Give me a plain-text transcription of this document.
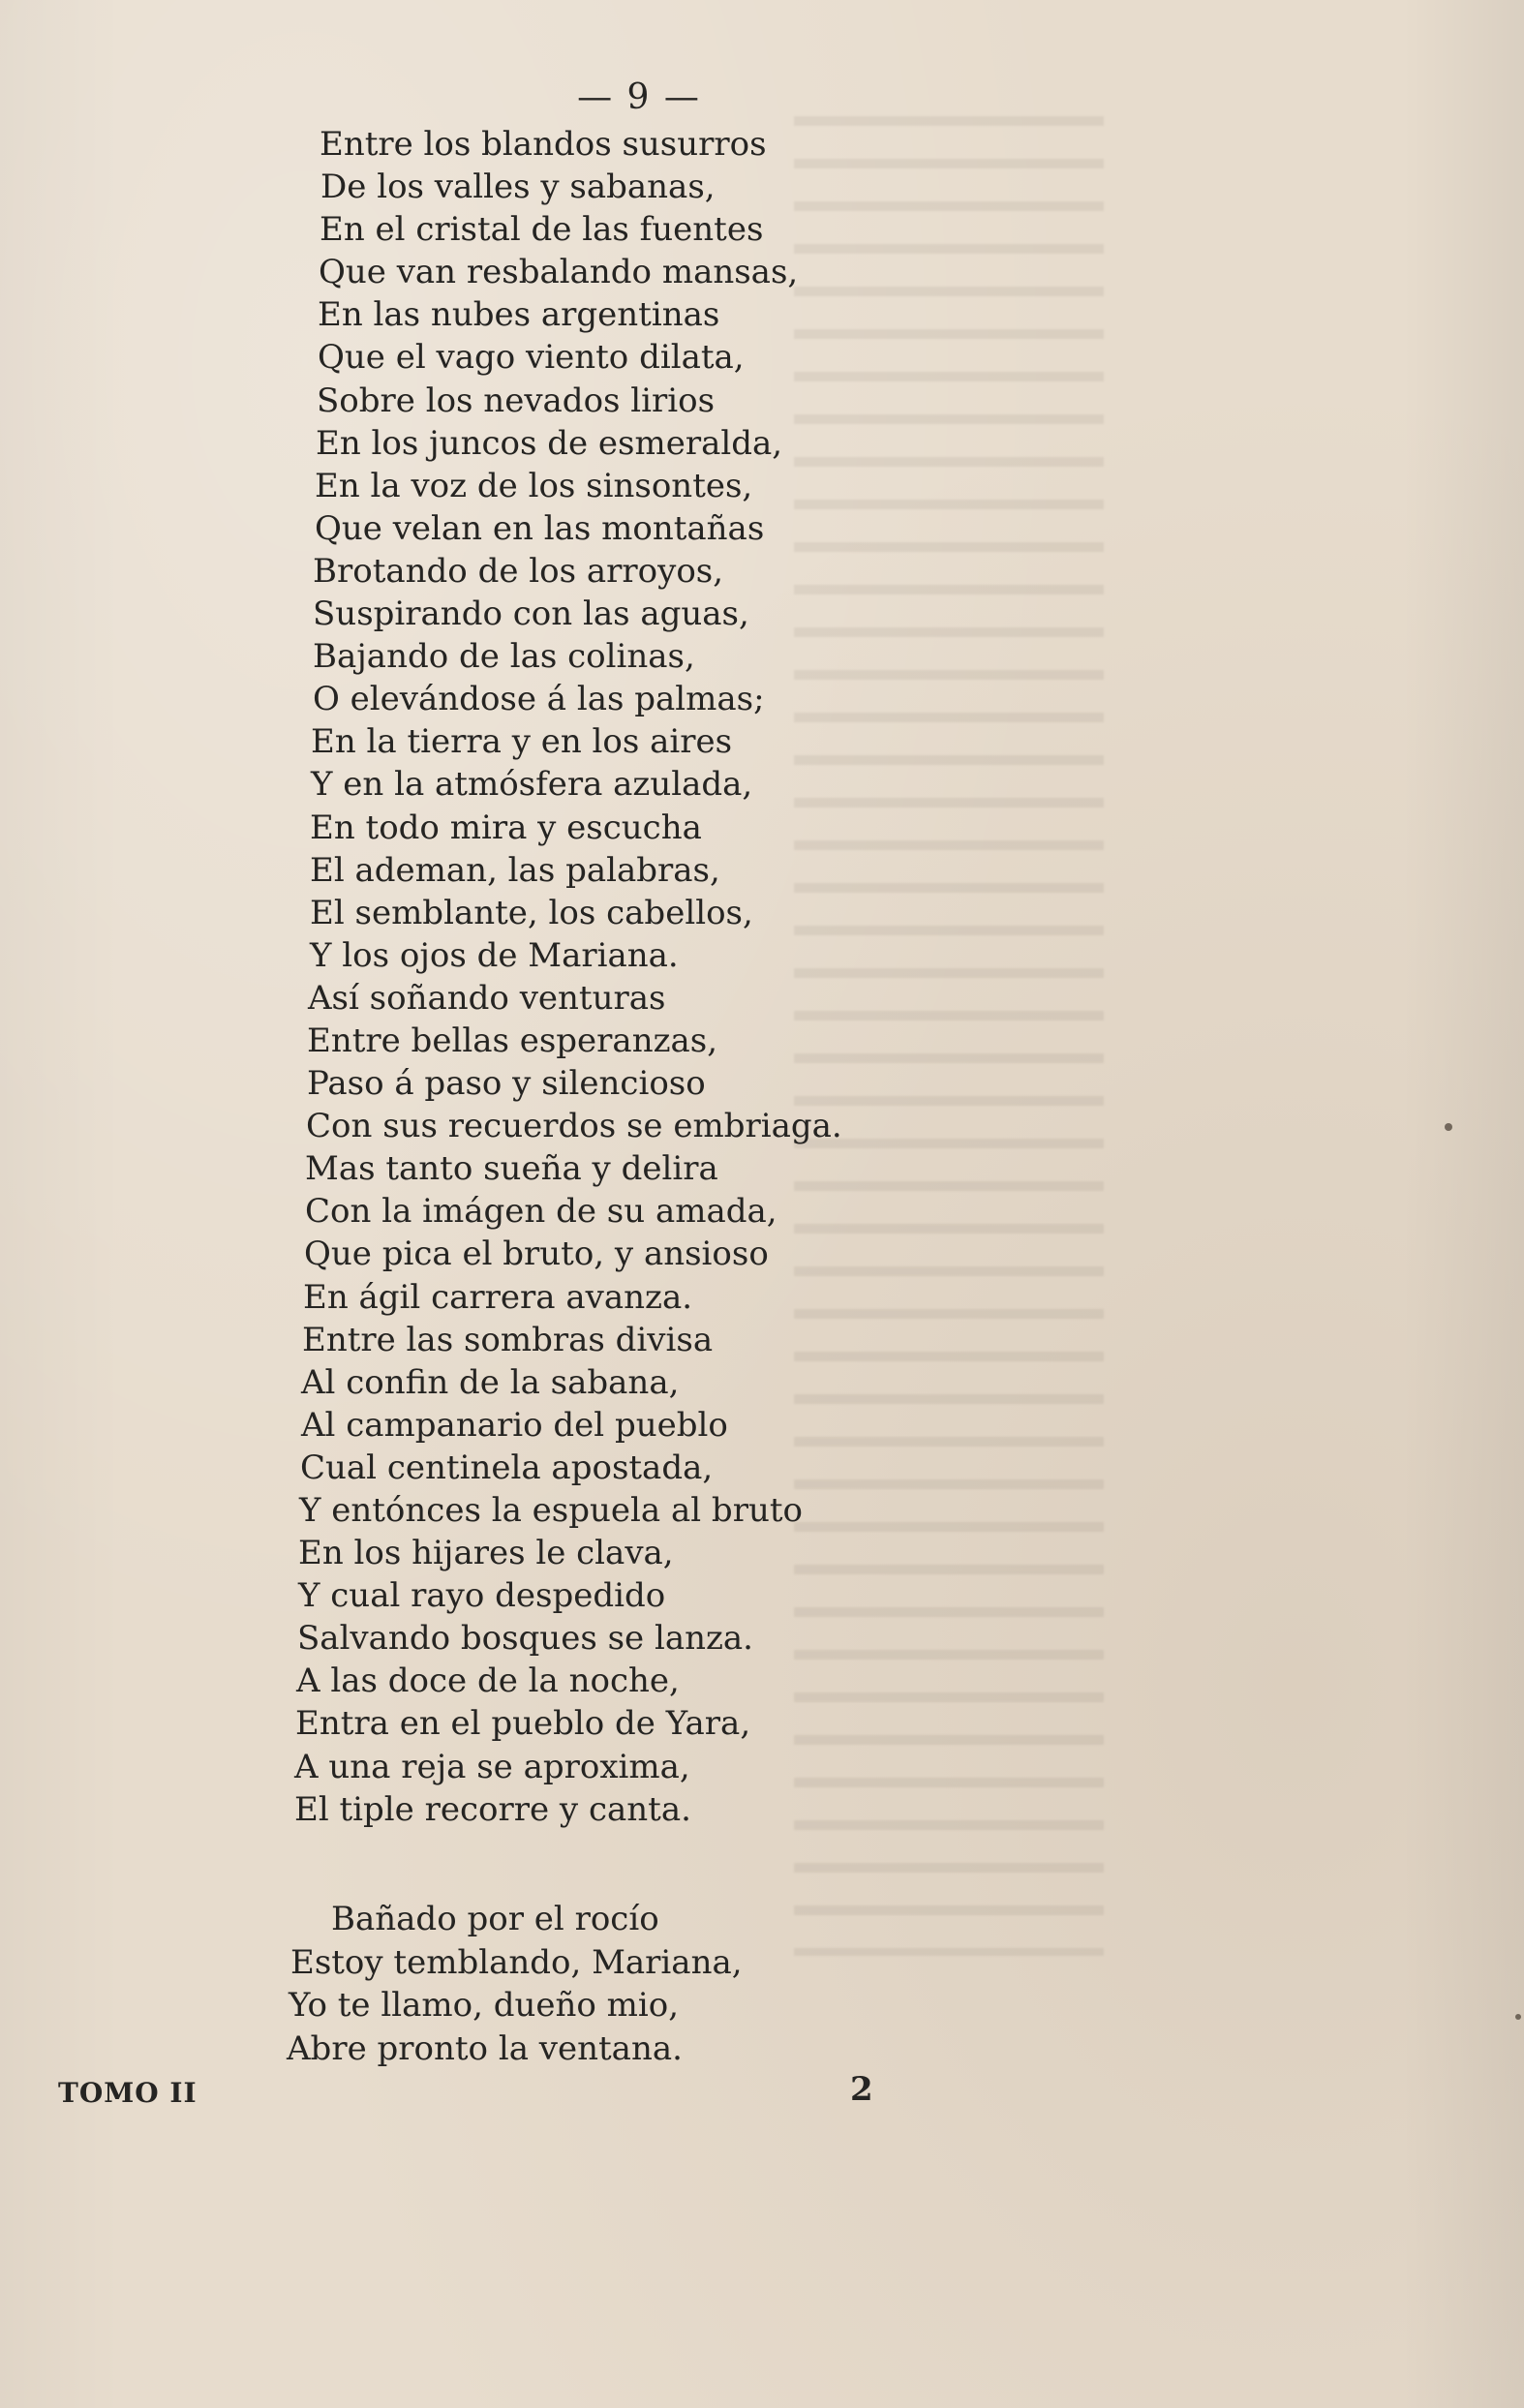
— 9 —
Entre los blandos susurros
De los valles y sabanas,
En el cristal de las fuentes
Que van resbalando mansas,
En las nubes argentinas
Que el vago viento dilata,
Sobre los nevados lirios
En los juncos de esmeralda,
En la voz de los sinsontes,
Que velan en las montañas
Brotando de los arroyos,
Suspirando con las aguas,
Bajando de las colinas,
O elevándose á las palmas;
En la tierra y en los aires
Y en la atmósfera azulada,
En todo mira y escucha
El ademan, las palabras,
El semblante, los cabellos,
Y los ojos de Mariana.
Así soñando venturas
Entre bellas esperanzas,
Paso á paso y silencioso
Con sus recuerdos se embriaga.
Mas tanto sueña y delira
Con la imágen de su amada,
Que pica el bruto, y ansioso
En ágil carrera avanza.
Entre las sombras divisa
Al confin de la sabana,
Al campanario del pueblo
Cual centinela apostada,
Y entónces la espuela al bruto
En los hijares le clava,
Y cual rayo despedido
Salvando bosques se lanza.
A las doce de la noche,
Entra en el pueblo de Yara,
A una reja se aproxima,
El tiple recorre y canta.
Bañado por el rocío
Estoy temblando, Mariana,
Yo te llamo, dueño mio,
Abre pronto la ventana.
TOMO II	2
